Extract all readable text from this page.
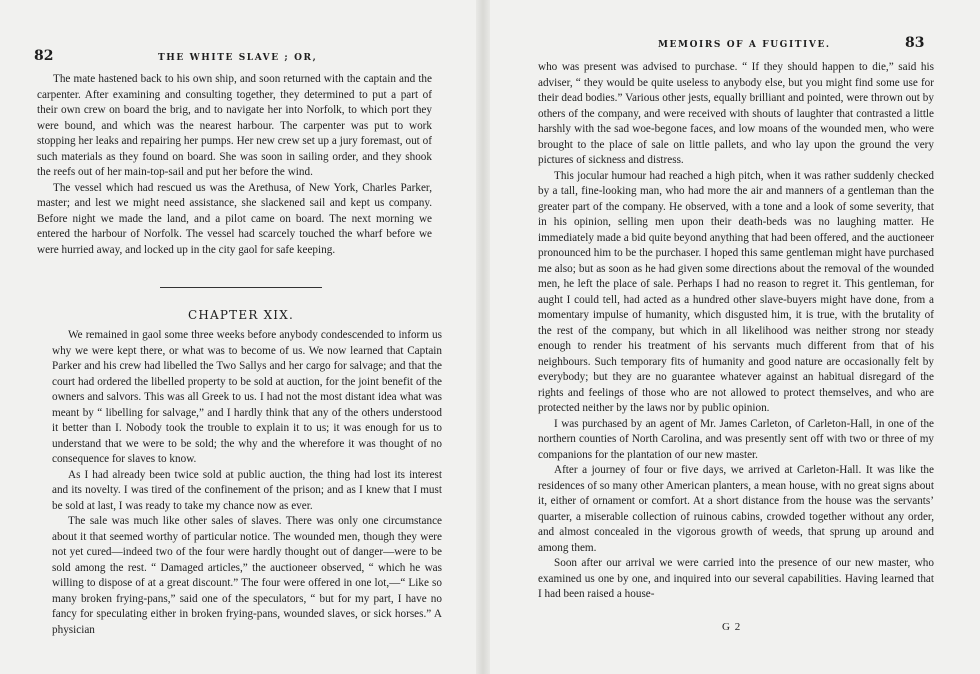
82	THE WHITE SLAVE ; OR,

The mate hastened back to his own ship, and soon returned with the captain and the carpenter. After examining and consulting together, they determined to put a part of their own crew on board the brig, and to navigate her into Norfolk, to which port they were bound, and which was the nearest harbour. The carpenter was put to work stopping her leaks and repairing her pumps. Her new crew set up a jury foremast, out of such materials as they found on board. She was soon in sailing order, and they shook the reefs out of her main-top-sail and put her before the wind.

The vessel which had rescued us was the Arethusa, of New York, Charles Parker, master; and lest we might need assistance, she slackened sail and kept us company. Before night we made the land, and a pilot came on board. The next morning we entered the harbour of Norfolk. The vessel had scarcely touched the wharf before we were hurried away, and locked up in the city gaol for safe keeping.

CHAPTER XIX.

We remained in gaol some three weeks before anybody condescended to inform us why we were kept there, or what was to become of us. We now learned that Captain Parker and his crew had libelled the Two Sallys and her cargo for salvage; and that the court had ordered the libelled property to be sold at auction, for the joint benefit of the owners and salvors. This was all Greek to us. I had not the most distant idea what was meant by “ libelling for salvage,” and I hardly think that any of the others understood it better than I. Nobody took the trouble to explain it to us; it was enough for us to understand that we were to be sold; the why and the wherefore it was thought of no consequence for slaves to know.

As I had already been twice sold at public auction, the thing had lost its interest and its novelty. I was tired of the confinement of the prison; and as I knew that I must be sold at last, I was ready to take my chance now as ever.

The sale was much like other sales of slaves. There was only one circumstance about it that seemed worthy of particular notice. The wounded men, though they were not yet cured—indeed two of the four were hardly thought out of danger—were to be sold among the rest. “ Damaged articles,” the auctioneer observed, “ which he was willing to dispose of at a great discount.” The four were offered in one lot,—“ Like so many broken frying-pans,” said one of the speculators, “ but for my part, I have no fancy for speculating either in broken frying-pans, wounded slaves, or sick horses.” A physician

MEMOIRS OF A FUGITIVE.	83

who was present was advised to purchase. “ If they should happen to die,” said his adviser, “ they would be quite useless to anybody else, but you might find some use for their dead bodies.” Various other jests, equally brilliant and pointed, were thrown out by others of the company, and were received with shouts of laughter that contrasted a little harshly with the sad woe-begone faces, and low moans of the wounded men, who were brought to the place of sale on little pallets, and who lay upon the ground the very pictures of sickness and distress.

This jocular humour had reached a high pitch, when it was rather suddenly checked by a tall, fine-looking man, who had more the air and manners of a gentleman than the greater part of the company. He observed, with a tone and a look of some severity, that in his opinion, selling men upon their death-beds was no laughing matter. He immediately made a bid quite beyond anything that had been offered, and the auctioneer pronounced him to be the purchaser. I hoped this same gentleman might have purchased me also; but as soon as he had given some directions about the removal of the wounded men, he left the place of sale. Perhaps I had no reason to regret it. This gentleman, for aught I could tell, had acted as a hundred other slave-buyers might have done, from a momentary impulse of humanity, which disgusted him, it is true, with the brutality of the rest of the company, but which in all likelihood was neither strong nor steady enough to render his treatment of his servants much different from that of his neighbours. Such temporary fits of humanity and good nature are occasionally felt by everybody; but they are no guarantee whatever against an habitual disregard of the rights and feelings of those who are not allowed to protect themselves, and who are protected neither by the laws nor by public opinion.

I was purchased by an agent of Mr. James Carleton, of Carleton-Hall, in one of the northern counties of North Carolina, and was presently sent off with two or three of my companions for the plantation of our new master.

After a journey of four or five days, we arrived at Carleton-Hall. It was like the residences of so many other American planters, a mean house, with no great signs about it, either of ornament or comfort. At a short distance from the house was the servants’ quarter, a miserable collection of ruinous cabins, crowded together without any order, and almost concealed in the vigorous growth of weeds, that sprung up around and among them.

Soon after our arrival we were carried into the presence of our new master, who examined us one by one, and inquired into our several capabilities. Having learned that I had been raised a house-

G 2
